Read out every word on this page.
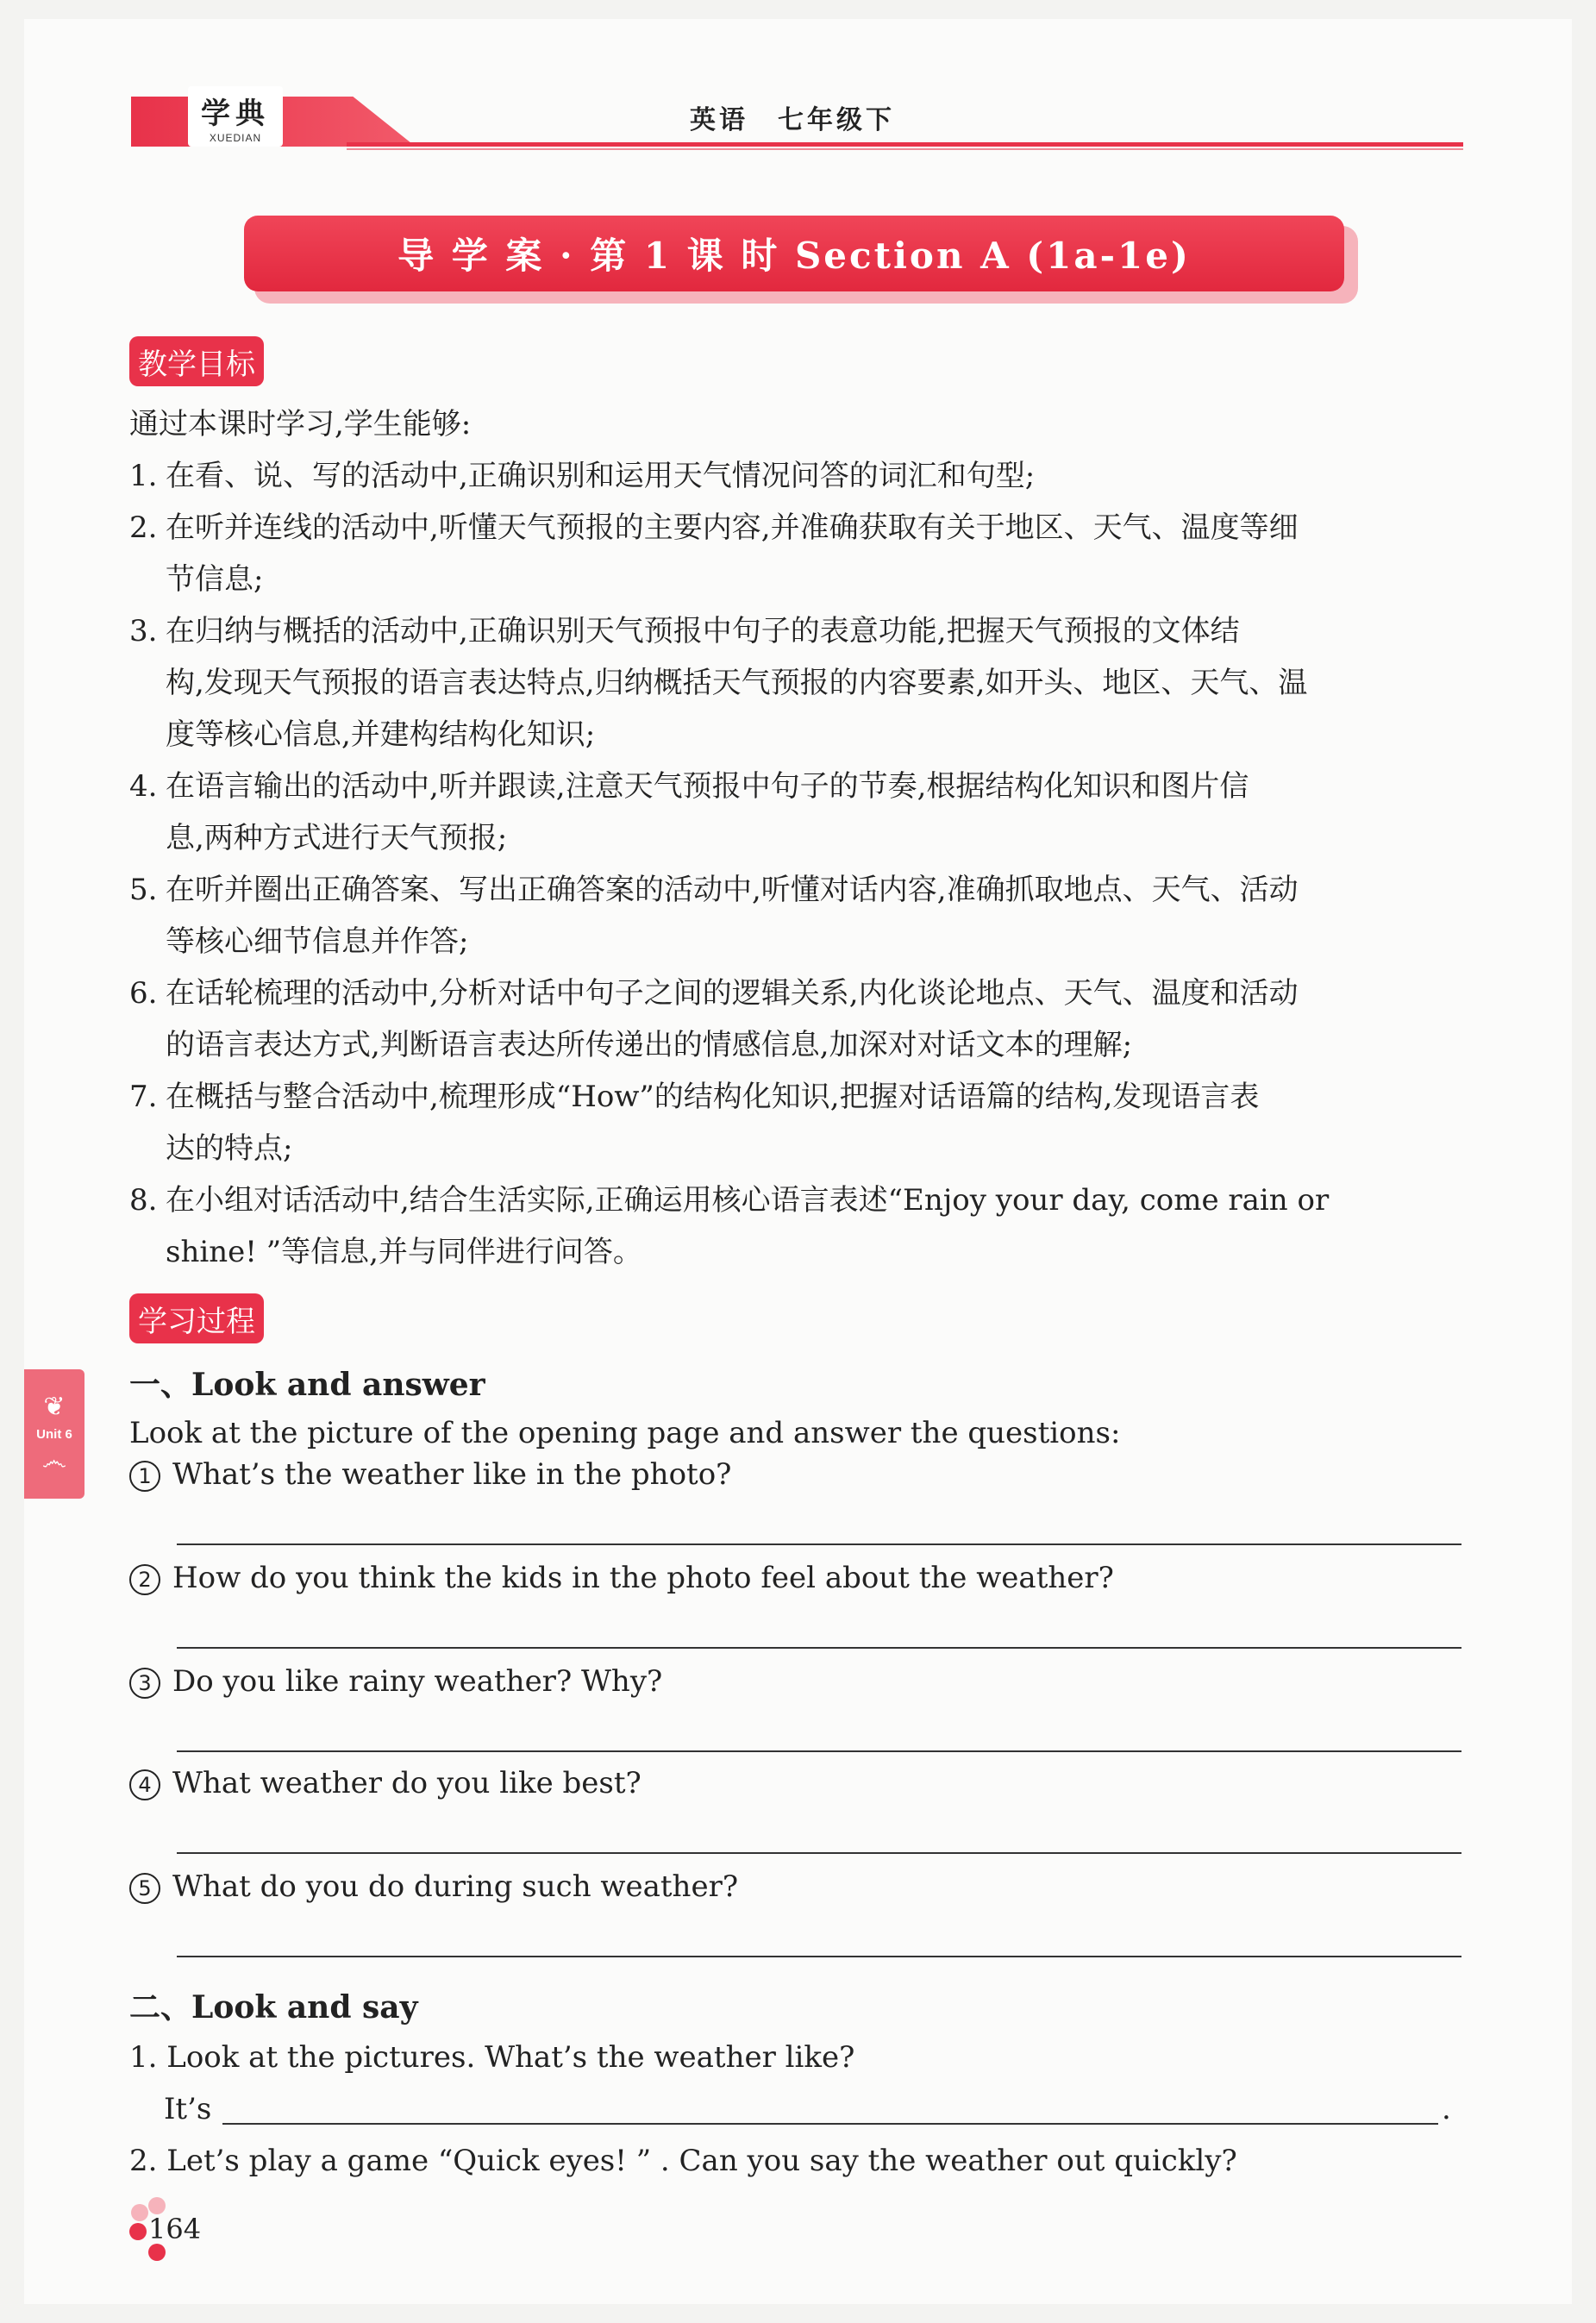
学典
XUEDIAN
英语 七年级下
导 学 案 · 第 1 课 时 Section A (1a-1e)
教学目标
通过本课时学习,学生能够:
1. 在看、说、写的活动中,正确识别和运用天气情况问答的词汇和句型;
2. 在听并连线的活动中,听懂天气预报的主要内容,并准确获取有关于地区、天气、温度等细
节信息;
3. 在归纳与概括的活动中,正确识别天气预报中句子的表意功能,把握天气预报的文体结
构,发现天气预报的语言表达特点,归纳概括天气预报的内容要素,如开头、地区、天气、温
度等核心信息,并建构结构化知识;
4. 在语言输出的活动中,听并跟读,注意天气预报中句子的节奏,根据结构化知识和图片信
息,两种方式进行天气预报;
5. 在听并圈出正确答案、写出正确答案的活动中,听懂对话内容,准确抓取地点、天气、活动
等核心细节信息并作答;
6. 在话轮梳理的活动中,分析对话中句子之间的逻辑关系,内化谈论地点、天气、温度和活动
的语言表达方式,判断语言表达所传递出的情感信息,加深对对话文本的理解;
7. 在概括与整合活动中,梳理形成“How”的结构化知识,把握对话语篇的结构,发现语言表
达的特点;
8. 在小组对话活动中,结合生活实际,正确运用核心语言表述“Enjoy your day, come rain or
shine! ”等信息,并与同伴进行问答。
学习过程
一、Look and answer
Look at the picture of the opening page and answer the questions:
1 What’s the weather like in the photo?
2 How do you think the kids in the photo feel about the weather?
3 Do you like rainy weather? Why?
4 What weather do you like best?
5 What do you do during such weather?
二、Look and say
1. Look at the pictures. What’s the weather like?
It’s	.
2. Let’s play a game “Quick eyes! ” . Can you say the weather out quickly?
❦
Unit 6
෴
164
